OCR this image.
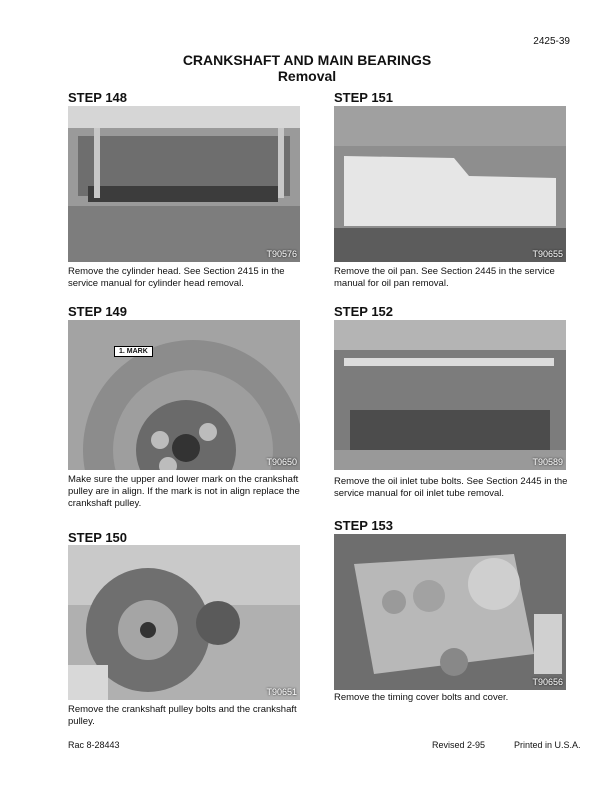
2425-39
CRANKSHAFT AND MAIN BEARINGS
Removal
STEP 148
T90576
Remove the cylinder head. See Section 2415 in the service manual for cylinder head removal.
STEP 149
1. MARK
T90650
Make sure the upper and lower mark on the crankshaft pulley are in align. If the mark is not in align replace the crankshaft pulley.
STEP 150
T90651
Remove the crankshaft pulley bolts and the crankshaft pulley.
STEP 151
T90655
Remove the oil pan. See Section 2445 in the service manual for oil pan removal.
STEP 152
T90589
Remove the oil inlet tube bolts. See Section 2445 in the service manual for oil inlet tube removal.
STEP 153
T90656
Remove the timing cover bolts and cover.
Rac 8-28443	Revised 2-95	Printed in U.S.A.
